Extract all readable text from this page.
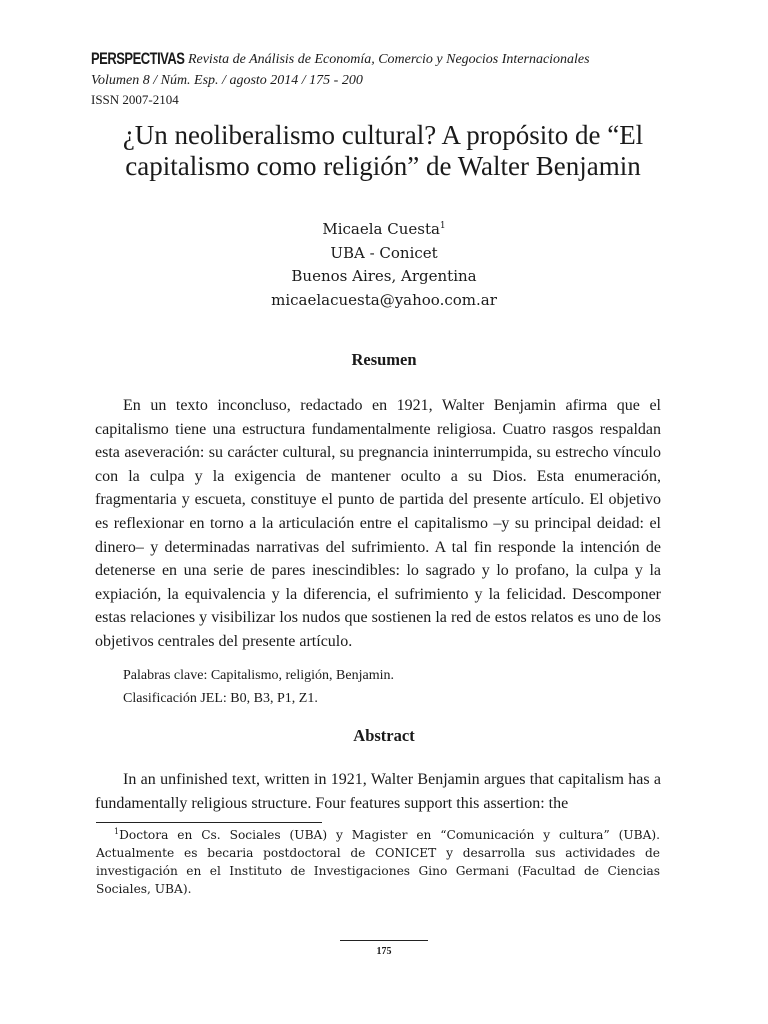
PERSPECTIVAS Revista de Análisis de Economía, Comercio y Negocios Internacionales
Volumen 8 / Núm. Esp. / agosto 2014 / 175 - 200
ISSN 2007-2104
¿Un neoliberalismo cultural? A propósito de “El
capitalismo como religión” de Walter Benjamin
Micaela Cuesta$^1$
UBA - Conicet
Buenos Aires, Argentina
micaelacuesta@yahoo.com.ar
Resumen
En un texto inconcluso, redactado en 1921, Walter Benjamin afirma que el capitalismo tiene una estructura fundamentalmente religiosa. Cuatro rasgos respaldan esta aseveración: su carácter cultural, su pregnancia ininterrumpida, su estrecho vínculo con la culpa y la exigencia de mantener oculto a su Dios. Esta enumeración, fragmentaria y escueta, constituye el punto de partida del presente artículo. El objetivo es reflexionar en torno a la articulación entre el capitalismo –y su principal deidad: el dinero– y determinadas narrativas del sufrimiento. A tal fin responde la intención de detenerse en una serie de pares inescindibles: lo sagrado y lo profano, la culpa y la expiación, la equivalencia y la diferencia, el sufrimiento y la felicidad. Descomponer estas relaciones y visibilizar los nudos que sostienen la red de estos relatos es uno de los objetivos centrales del presente artículo.
Palabras clave: Capitalismo, religión, Benjamin.
Clasificación JEL: B0, B3, P1, Z1.
Abstract
In an unfinished text, written in 1921, Walter Benjamin argues that capitalism has a fundamentally religious structure. Four features support this assertion: the
$^1$Doctora en Cs. Sociales (UBA) y Magister en “Comunicación y cultura” (UBA). Actualmente es becaria postdoctoral de CONICET y desarrolla sus actividades de investigación en el Instituto de Investigaciones Gino Germani (Facultad de Ciencias Sociales, UBA).
175
